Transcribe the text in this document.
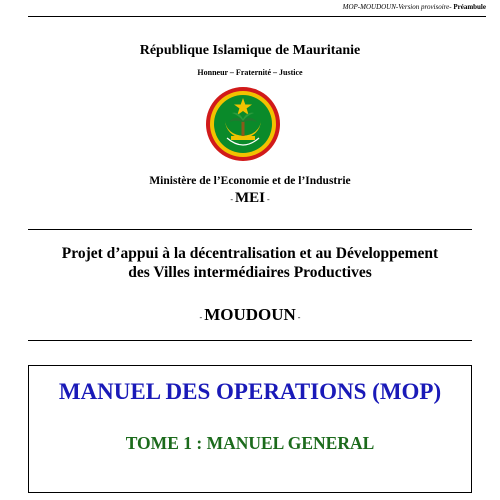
MOP-MOUDOUN-Version provisoire- Préambule
République Islamique de Mauritanie
Honneur – Fraternité – Justice
Ministère de l’Economie et de l’Industrie
- MEI -
Projet d’appui à la décentralisation et au Développement
des Villes intermédiaires Productives
- MOUDOUN -
MANUEL DES OPERATIONS (MOP)
TOME 1 : MANUEL GENERAL
